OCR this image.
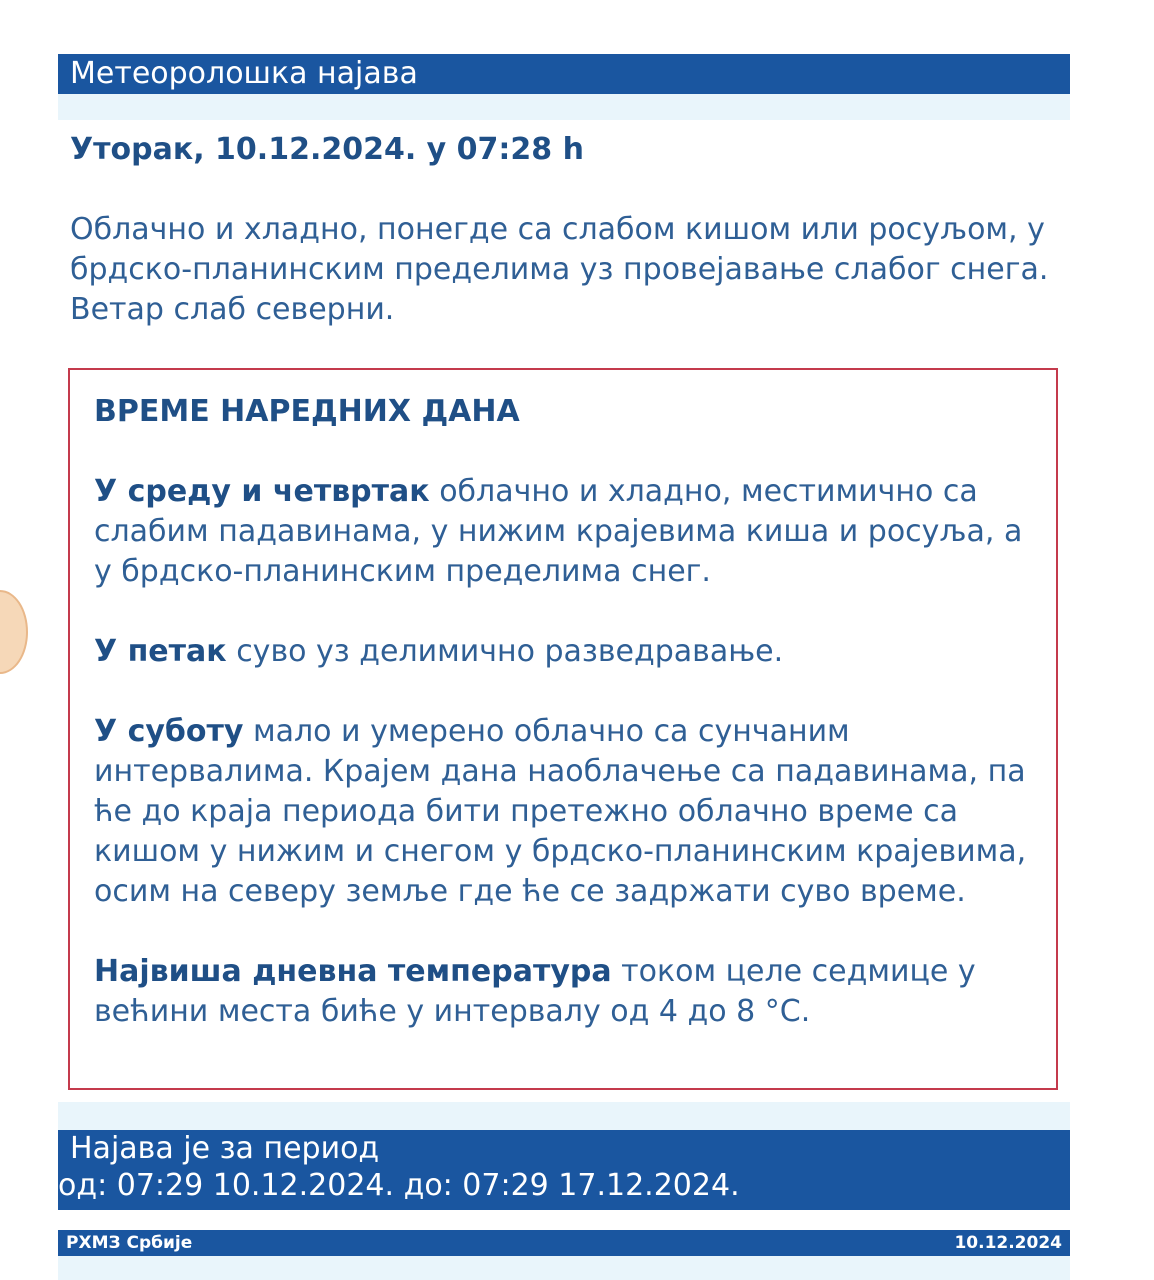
Метеоролошка најава
Уторак, 10.12.2024. у 07:28 h
Облачно и хладно, понегде са слабом кишом или росуљом, у брдско-планинским пределима уз провејавање слабог снега. Ветар слаб северни.
ВРЕМЕ НАРЕДНИХ ДАНА
У среду и четвртак облачно и хладно, местимично са слабим падавинама, у нижим крајевима киша и росуља, а у брдско-планинским пределима снег.
У петак суво уз делимично разведравање.
У суботу мало и умерено облачно са сунчаним интервалима. Крајем дана наоблачење са падавинама, па ће до краја периода бити претежно облачно време са кишом у нижим и снегом у брдско-планинским крајевима, осим на северу земље где ће се задржати суво време.
Највиша дневна температура током целе седмице у већини места биће у интервалу од 4 до 8 °C.
Најава је за период
од: 07:29 10.12.2024. до: 07:29 17.12.2024.
РХМЗ Србије	10.12.2024
